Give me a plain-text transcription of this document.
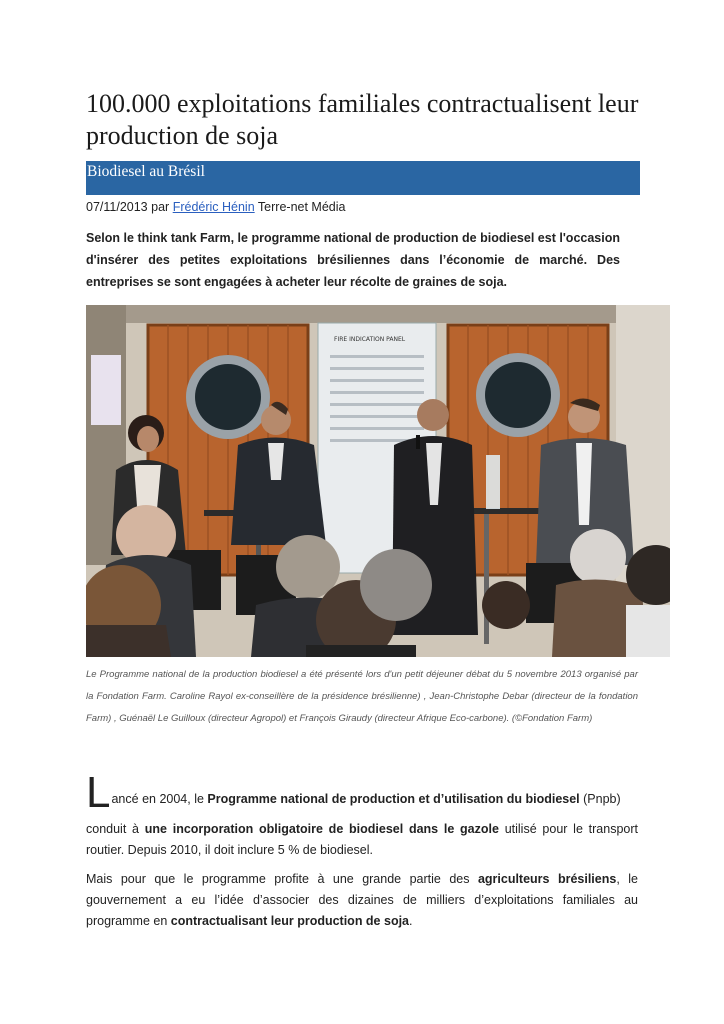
100.000 exploitations familiales contractualisent leur production de soja
Biodiesel au Brésil
07/11/2013 par Frédéric Hénin Terre-net Média

Selon le think tank Farm, le programme national de production de biodiesel est l'occasion d'insérer des petites exploitations brésiliennes dans l’économie de marché. Des entreprises se sont engagées à acheter leur récolte de graines de soja.

FIRE INDICATION PANEL

Le Programme national de la production biodiesel a été présenté lors d'un petit déjeuner débat du 5 novembre 2013 organisé par la Fondation Farm. Caroline Rayol ex-conseillère de la présidence brésilienne) , Jean-Christophe Debar (directeur de la fondation Farm) , Guénaël Le Guilloux (directeur Agropol) et François Giraudy (directeur Afrique Eco-carbone). (©Fondation Farm)

L ancé en 2004, le Programme national de production et d’utilisation du biodiesel (Pnpb)
conduit à une incorporation obligatoire de biodiesel dans le gazole utilisé pour le transport routier. Depuis 2010, il doit inclure 5 % de biodiesel.

Mais pour que le programme profite à une grande partie des agriculteurs brésiliens, le gouvernement a eu l’idée d’associer des dizaines de milliers d’exploitations familiales au programme en contractualisant leur production de soja.
